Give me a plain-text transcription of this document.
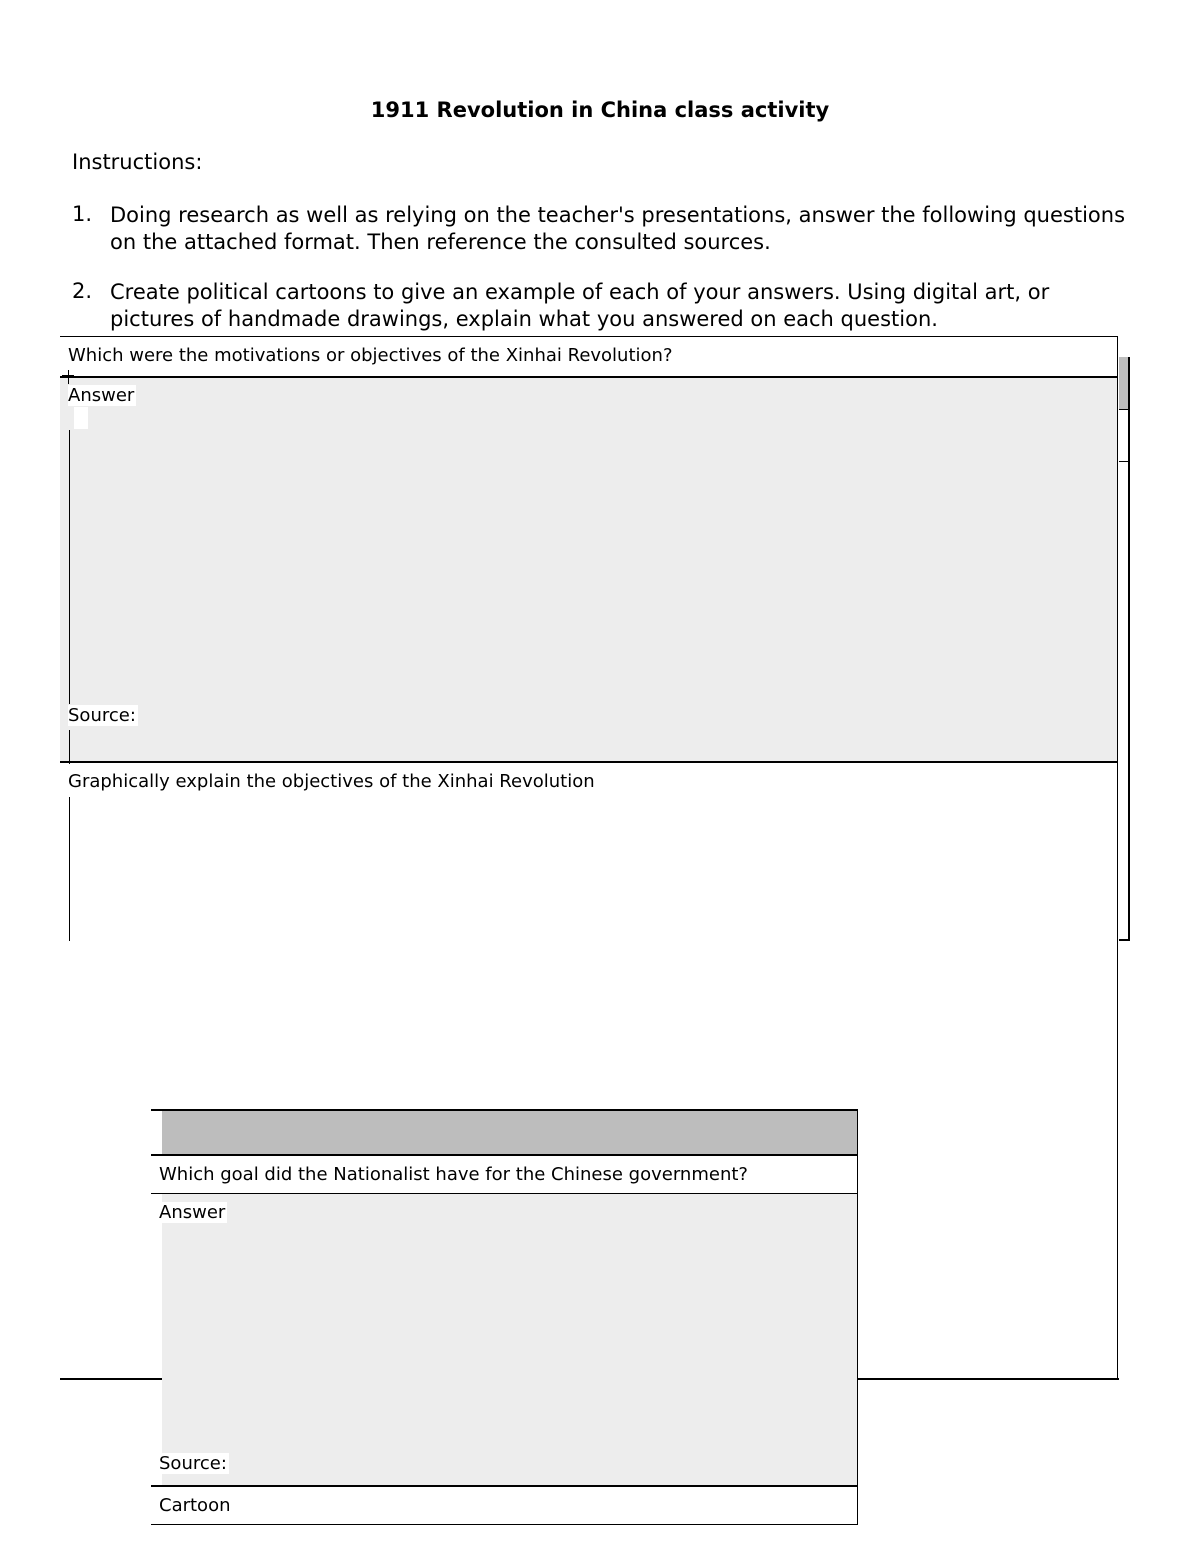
1911 Revolution in China class activity
Instructions:
1. Doing research as well as relying on the teacher's presentations, answer the following questions on the attached format. Then reference the consulted sources.
2. Create political cartoons to give an example of each of your answers. Using digital art, or pictures of handmade drawings, explain what you answered on each question.
Which were the motivations or objectives of the Xinhai Revolution?
Answer
Source:
Graphically explain the objectives of the Xinhai Revolution
Which goal did the Nationalist have for the Chinese government?
Answer
Source:
Cartoon
